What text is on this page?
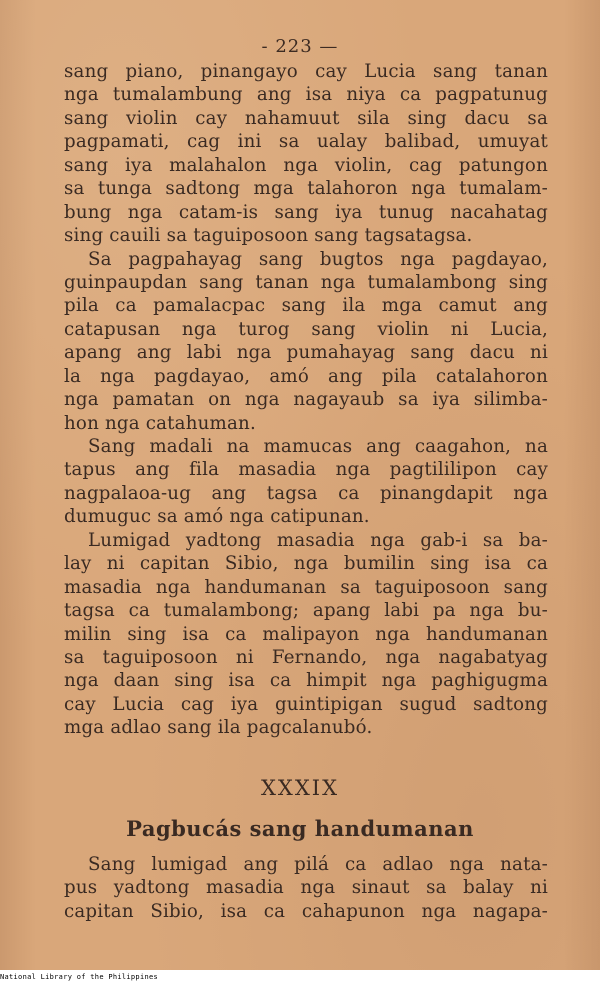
- 223 —
sang piano, pinangayo cay Lucia sang tanan
nga tumalambung ang isa niya ca pagpatunug
sang violin cay nahamuut sila sing dacu sa
pagpamati, cag ini sa ualay balibad, umuyat
sang iya malahalon nga violin, cag patungon
sa tunga sadtong mga talahoron nga tumalam-
bung nga catam-is sang iya tunug nacahatag
sing cauili sa taguiposoon sang tagsatagsa.
Sa pagpahayag sang bugtos nga pagdayao,
guinpaupdan sang tanan nga tumalambong sing
pila ca pamalacpac sang ila mga camut ang
catapusan nga turog sang violin ni Lucia,
apang ang labi nga pumahayag sang dacu ni
la nga pagdayao, amó ang pila catalahoron
nga pamatan on nga nagayaub sa iya silimba-
hon nga catahuman.
Sang madali na mamucas ang caagahon, na
tapus ang fila masadia nga pagtililipon cay
nagpalaoa-ug ang tagsa ca pinangdapit nga
dumuguc sa amó nga catipunan.
Lumigad yadtong masadia nga gab-i sa ba-
lay ni capitan Sibio, nga bumilin sing isa ca
masadia nga handumanan sa taguiposoon sang
tagsa ca tumalambong; apang labi pa nga bu-
milin sing isa ca malipayon nga handumanan
sa taguiposoon ni Fernando, nga nagabatyag
nga daan sing isa ca himpit nga paghigugma
cay Lucia cag iya guintipigan sugud sadtong
mga adlao sang ila pagcalanubó.
XXXIX
Pagbucás sang handumanan
Sang lumigad ang pilá ca adlao nga nata-
pus yadtong masadia nga sinaut sa balay ni
capitan Sibio, isa ca cahapunon nga nagapa-
National Library of the Philippines
